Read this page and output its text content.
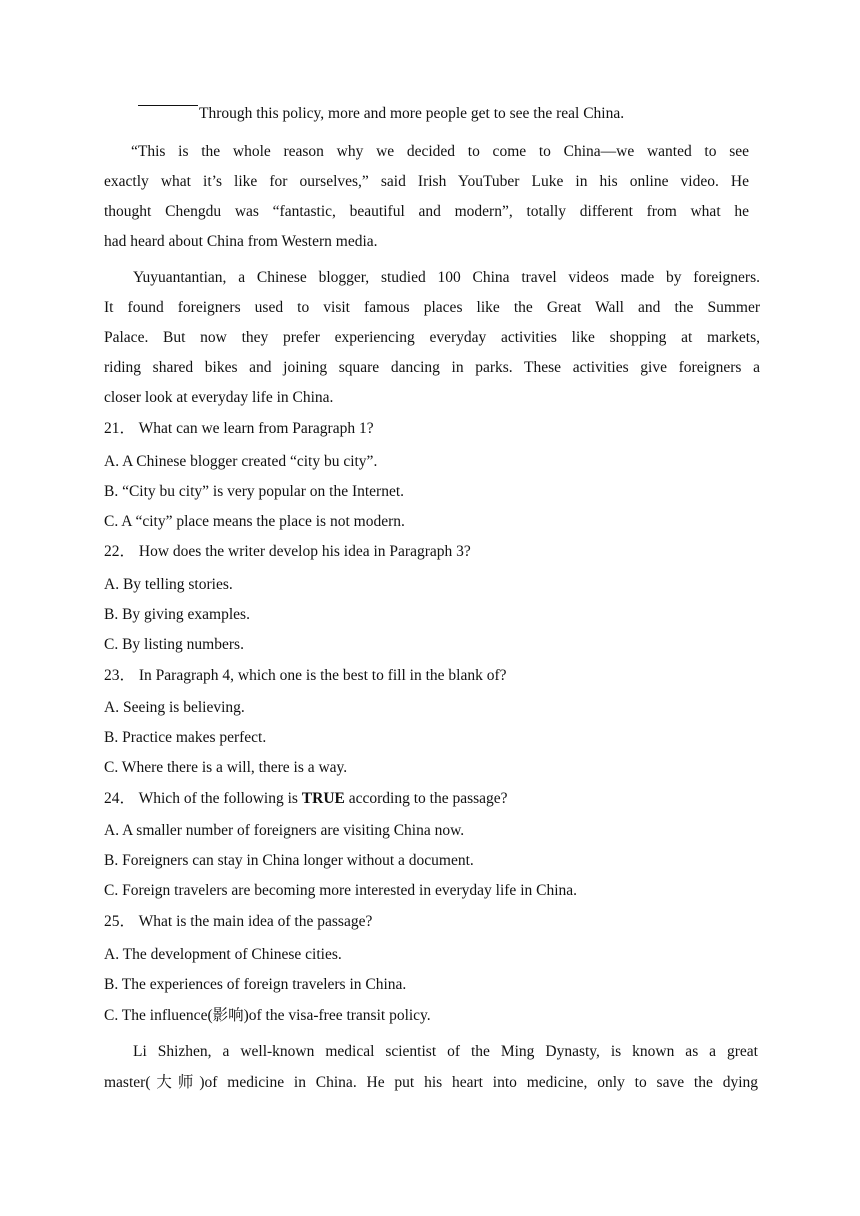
Through this policy, more and more people get to see the real China.
“This is the whole reason why we decided to come to China—we wanted to see
exactly what it’s like for ourselves,” said Irish YouTuber Luke in his online video. He
thought Chengdu was “fantastic, beautiful and modern”, totally different from what he
had heard about China from Western media.
Yuyuantantian, a Chinese blogger, studied 100 China travel videos made by foreigners.
It found foreigners used to visit famous places like the Great Wall and the Summer
Palace. But now they prefer experiencing everyday activities like shopping at markets,
riding shared bikes and joining square dancing in parks. These activities give foreigners a
closer look at everyday life in China.
21． What can we learn from Paragraph 1?
A. A Chinese blogger created “city bu city”.
B. “City bu city” is very popular on the Internet.
C. A “city” place means the place is not modern.
22． How does the writer develop his idea in Paragraph 3?
A. By telling stories.
B. By giving examples.
C. By listing numbers.
23． In Paragraph 4, which one is the best to fill in the blank of?
A. Seeing is believing.
B. Practice makes perfect.
C. Where there is a will, there is a way.
24． Which of the following is TRUE according to the passage?
A. A smaller number of foreigners are visiting China now.
B. Foreigners can stay in China longer without a document.
C. Foreign travelers are becoming more interested in everyday life in China.
25． What is the main idea of the passage?
A. The development of Chinese cities.
B. The experiences of foreign travelers in China.
C. The influence(影响)of the visa-free transit policy.
Li Shizhen, a well-known medical scientist of the Ming Dynasty, is known as a great
master(大师)of medicine in China. He put his heart into medicine, only to save the dying
